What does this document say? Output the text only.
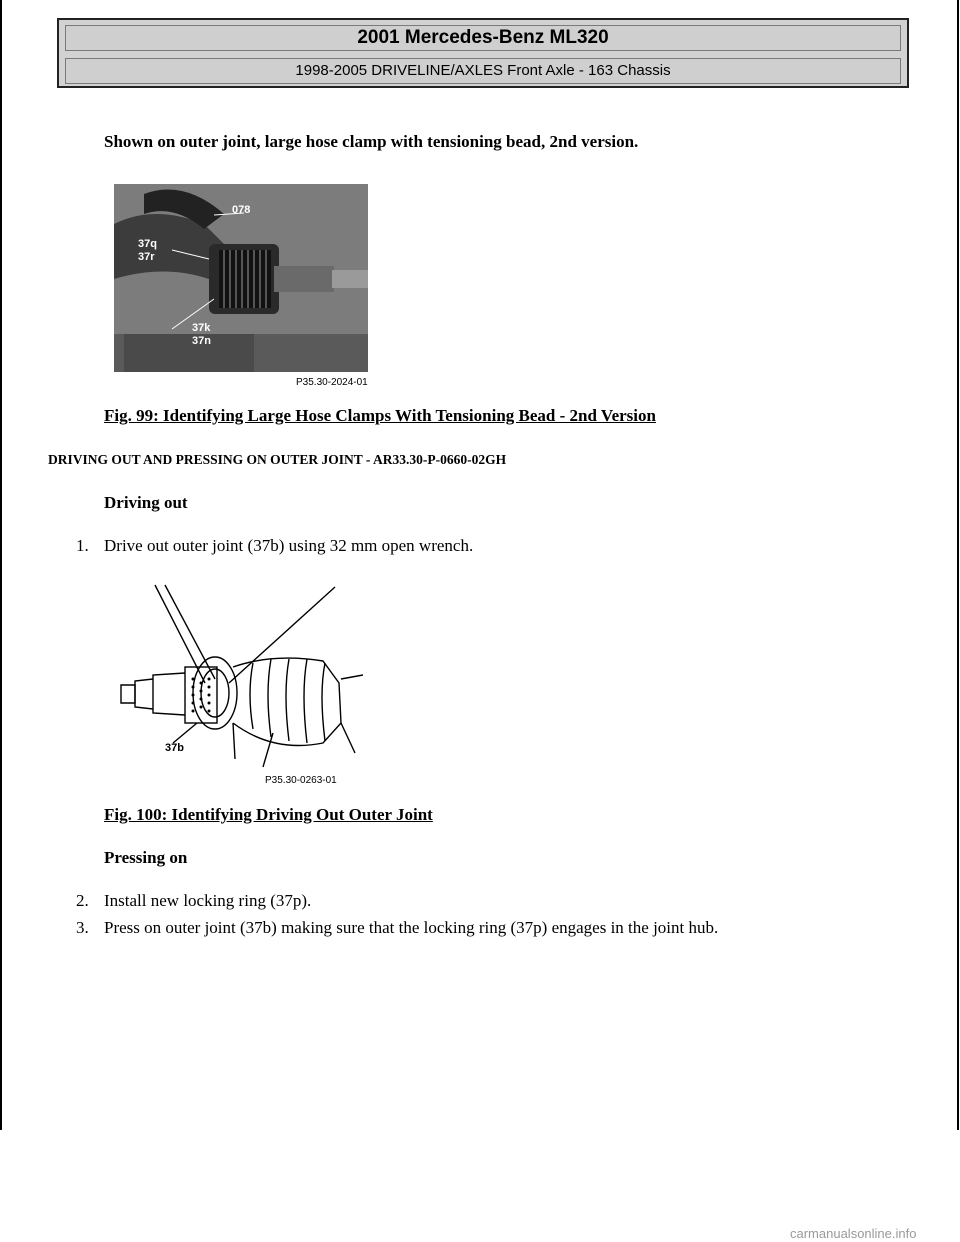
2001 Mercedes-Benz ML320
1998-2005 DRIVELINE/AXLES Front Axle - 163 Chassis
Shown on outer joint, large hose clamp with tensioning bead, 2nd version.
078
37q
37r
37k
37n
P35.30-2024-01
Fig. 99: Identifying Large Hose Clamps With Tensioning Bead - 2nd Version
DRIVING OUT AND PRESSING ON OUTER JOINT - AR33.30-P-0660-02GH
Driving out
1. Drive out outer joint (37b) using 32 mm open wrench.
37b
P35.30-0263-01
Fig. 100: Identifying Driving Out Outer Joint
Pressing on
2. Install new locking ring (37p).
3. Press on outer joint (37b) making sure that the locking ring (37p) engages in the joint hub.
carmanualsonline.info
